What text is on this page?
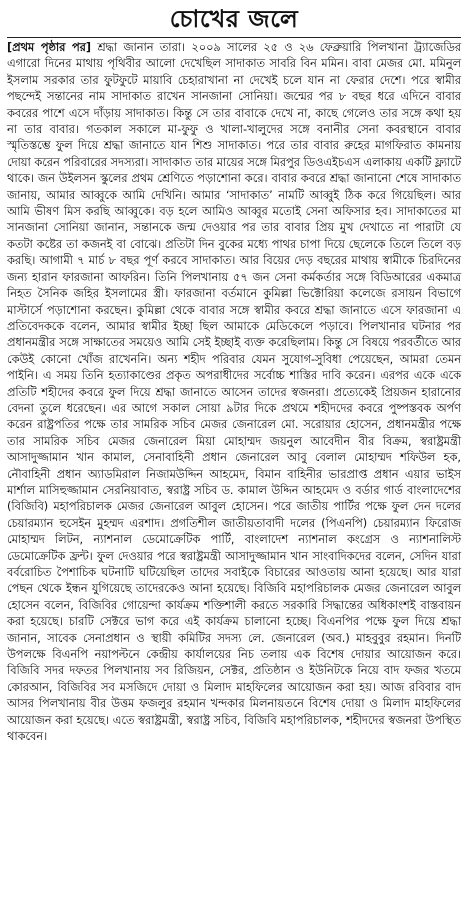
চোখের জলে

[প্রথম পৃষ্ঠার পর] শ্রদ্ধা জানান তারা। ২০০৯ সালের ২৫ ও ২৬ ফেব্রুয়ারি পিলখানা ট্র্যাজেডির এগারো দিনের মাথায় পৃথিবীর আলো দেখেছিল সাদাকাত সাবরি বিন মমিন। বাবা মেজর মো. মমিনুল ইসলাম সরকার তার ফুটফুটে মায়াবি চেহারাখানা না দেখেই চলে যান না ফেরার দেশে। পরে স্বামীর পছন্দেই সন্তানের নাম সাদাকাত রাখেন সানজানা সোনিয়া। জন্মের পর ৮ বছর ধরে এদিনে বাবার কবরের পাশে এসে দাঁড়ায় সাদাকাত। কিন্তু সে তার বাবাকে দেখে না, কাছে গেলেও তার সঙ্গে কথা হয় না তার বাবার। গতকাল সকালে মা-ফুফু ও খালা-খালুদের সঙ্গে বনানীর সেনা কবরস্থানে বাবার স্মৃতিস্তম্ভে ফুল দিয়ে শ্রদ্ধা জানাতে যান শিশু সাদাকাত। পরে তার বাবার রুহের মাগফিরাত কামনায় দোয়া করেন পরিবারের সদস্যরা। সাদাকাত তার মায়ের সঙ্গে মিরপুর ডিওএইচএস এলাকায় একটি ফ্ল্যাটে থাকে। জন উইলসন স্কুলের প্রথম শ্রেণিতে পড়াশোনা করে। বাবার কবরে শ্রদ্ধা জানানো শেষে সাদাকাত জানায়, আমার আব্বুকে আমি দেখিনি। আমার ‘সাদাকাত’ নামটি আব্বুই ঠিক করে গিয়েছিল। আর আমি ভীষণ মিস করছি আব্বুকে। বড় হলে আমিও আব্বুর মতোই সেনা অফিসার হব। সাদাকাতের মা সানজানা সোনিয়া জানান, সন্তানকে জন্ম দেওয়ার পর তার বাবার প্রিয় মুখ দেখাতে না পারাটা যে কতটা কষ্টের তা কজনই বা বোঝে। প্রতিটা দিন বুকের মধ্যে পাথর চাপা দিয়ে ছেলেকে তিলে তিলে বড় করছি। আগামী ৭ মার্চ ৮ বছর পূর্ণ করবে সাদাকাত। আর বিয়ের দেড় বছরের মাথায় স্বামীকে চিরদিনের জন্য হারান ফারজানা আফরিন। তিনি পিলখানায় ৫৭ জন সেনা কর্মকর্তার সঙ্গে বিডিআরের একমাত্র নিহত সৈনিক জহির ইসলামের স্ত্রী। ফারজানা বর্তমানে কুমিল্লা ভিক্টোরিয়া কলেজে রসায়ন বিভাগে মাস্টার্সে পড়াশোনা করছেন। কুমিল্লা থেকে বাবার সঙ্গে স্বামীর কবরে শ্রদ্ধা জানাতে এসে ফারজানা এ প্রতিবেদককে বলেন, আমার স্বামীর ইচ্ছা ছিল আমাকে মেডিকেলে পড়াবে। পিলখানার ঘটনার পর প্রধানমন্ত্রীর সঙ্গে সাক্ষাতের সময়েও আমি সেই ইচ্ছাই ব্যক্ত করেছিলাম। কিন্তু সে বিষয়ে পরবর্তীতে আর কেউই কোনো খোঁজ রাখেননি। অন্য শহীদ পরিবার যেমন সুযোগ-সুবিধা পেয়েছেন, আমরা তেমন পাইনি। এ সময় তিনি হত্যাকাণ্ডের প্রকৃত অপরাধীদের সর্বোচ্চ শাস্তির দাবি করেন। এরপর একে একে প্রতিটি শহীদের কবরে ফুল দিয়ে শ্রদ্ধা জানাতে আসেন তাদের স্বজনরা। প্রত্যেকেই প্রিয়জন হারানোর বেদনা তুলে ধরেছেন। এর আগে সকাল সোয়া ৯টার দিকে প্রথমে শহীদদের কবরে পুষ্পস্তবক অর্পণ করেন রাষ্ট্রপতির পক্ষে তার সামরিক সচিব মেজর জেনারেল মো. সরোয়ার হোসেন, প্রধানমন্ত্রীর পক্ষে তার সামরিক সচিব মেজর জেনারেল মিয়া মোহাম্মদ জয়নুল আবেদীন বীর বিক্রম, স্বরাষ্ট্রমন্ত্রী আসাদুজ্জামান খান কামাল, সেনাবাহিনী প্রধান জেনারেল আবু বেলাল মোহাম্মদ শফিউল হক, নৌবাহিনী প্রধান অ্যাডমিরাল নিজামউদ্দিন আহমেদ, বিমান বাহিনীর ভারপ্রাপ্ত প্রধান এয়ার ভাইস মার্শাল মাসিহুজ্জামান সেরনিয়াবাত, স্বরাষ্ট্র সচিব ড. কামাল উদ্দিন আহমেদ ও বর্ডার গার্ড বাংলাদেশের (বিজিবি) মহাপরিচালক মেজর জেনারেল আবুল হোসেন। পরে জাতীয় পার্টির পক্ষে ফুল দেন দলের চেয়ারম্যান হুসেইন মুহম্মদ এরশাদ। প্রগতিশীল জাতীয়তাবাদী দলের (পিএনপি) চেয়ারম্যান ফিরোজ মোহাম্মদ লিটন, ন্যাশনাল ডেমোক্রেটিক পার্টি, বাংলাদেশ ন্যাশনাল কংগ্রেস ও ন্যাশনালিস্ট ডেমোক্রেটিক ফ্রন্ট। ফুল দেওয়ার পরে স্বরাষ্ট্রমন্ত্রী আসাদুজ্জামান খান সাংবাদিকদের বলেন, সেদিন যারা বর্বরোচিত পৈশাচিক ঘটনাটি ঘটিয়েছিল তাদের সবাইকে বিচারের আওতায় আনা হয়েছে। আর যারা পেছন থেকে ইন্ধন যুগিয়েছে তাদেরকেও আনা হয়েছে। বিজিবি মহাপরিচালক মেজর জেনারেল আবুল হোসেন বলেন, বিজিবির গোয়েন্দা কার্যক্রম শক্তিশালী করতে সরকারি সিদ্ধান্তের অধিকাংশই বাস্তবায়ন করা হয়েছে। চারটি সেক্টরে ভাগ করে এই কার্যক্রম চালানো হচ্ছে। বিএনপির পক্ষে ফুল দিয়ে শ্রদ্ধা জানান, সাবেক সেনাপ্রধান ও স্থায়ী কমিটির সদস্য লে. জেনারেল (অব.) মাহবুবুর রহমান। দিনটি উপলক্ষে বিএনপি নয়াপল্টনে কেন্দ্রীয় কার্যালয়ের নিচ তলায় এক বিশেষ দোয়ার আয়োজন করে। বিজিবি সদর দফতর পিলখানায় সব রিজিয়ন, সেক্টর, প্রতিষ্ঠান ও ইউনিটকে নিয়ে বাদ ফজর খতমে কোরআন, বিজিবির সব মসজিদে দোয়া ও মিলাদ মাহফিলের আয়োজন করা হয়। আজ রবিবার বাদ আসর পিলখানায় বীর উত্তম ফজলুর রহমান খন্দকার মিলনায়তনে বিশেষ দোয়া ও মিলাদ মাহফিলের আয়োজন করা হয়েছে। এতে স্বরাষ্ট্রমন্ত্রী, স্বরাষ্ট্র সচিব, বিজিবি মহাপরিচালক, শহীদদের স্বজনরা উপস্থিত থাকবেন।
